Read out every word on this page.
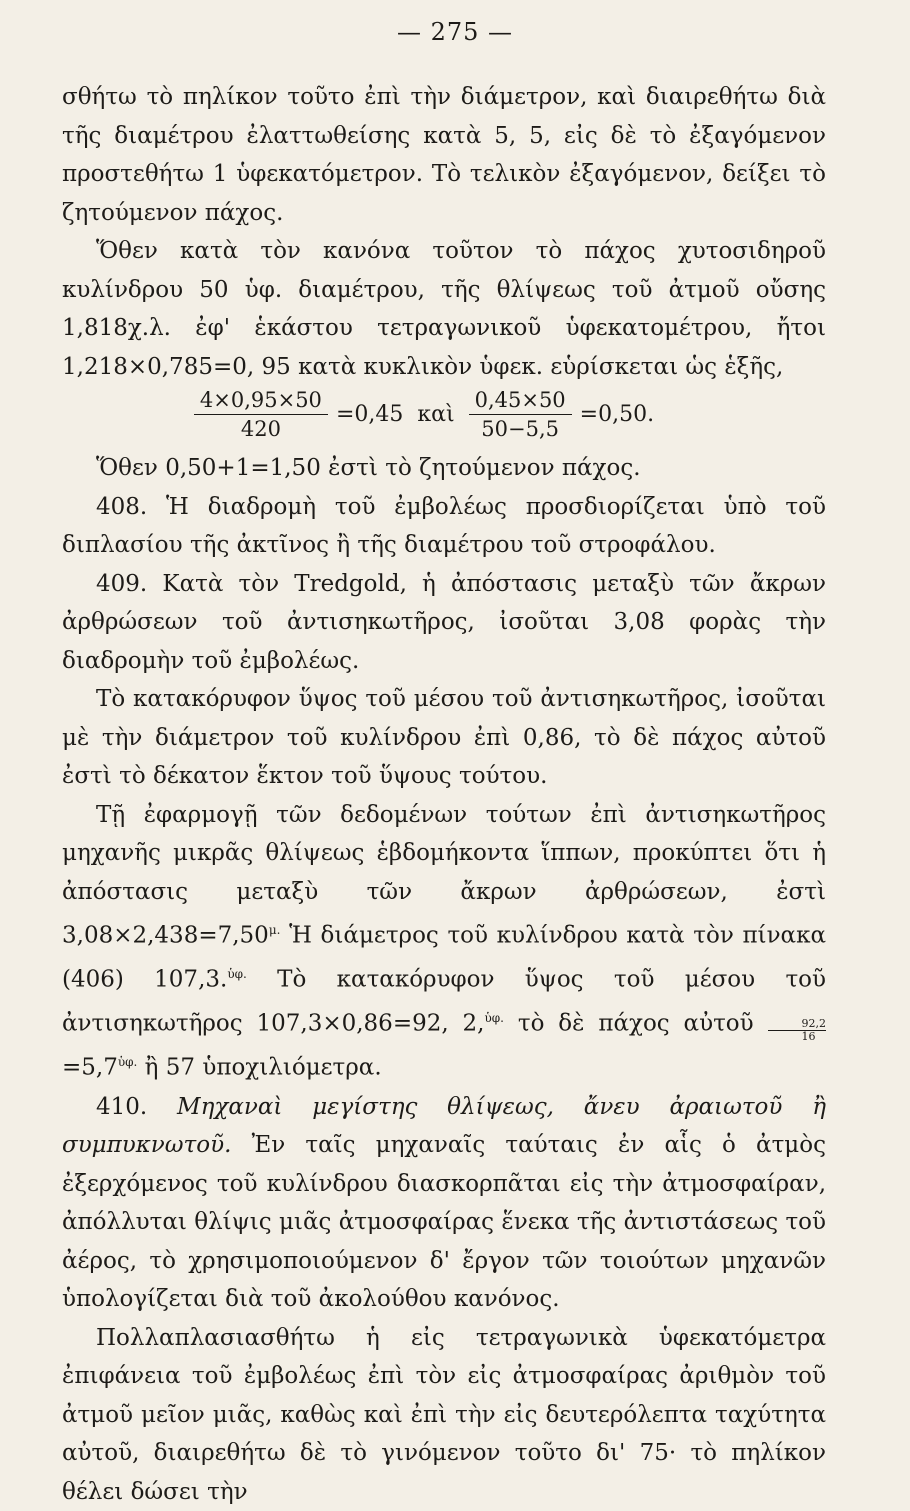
— 275 —

σθήτω τὸ πηλίκον τοῦτο ἐπὶ τὴν διάμετρον, καὶ διαιρεθήτω διὰ τῆς διαμέτρου ἐλαττωθείσης κατὰ 5, 5, εἰς δὲ τὸ ἐξαγόμενον προστεθήτω 1 ὑφεκατόμετρον. Τὸ τελικὸν ἐξαγόμενον, δείξει τὸ ζητούμενον πάχος.

Ὅθεν κατὰ τὸν κανόνα τοῦτον τὸ πάχος χυτοσιδηροῦ κυλίνδρου 50 ὑφ. διαμέτρου, τῆς θλίψεως τοῦ ἀτμοῦ οὔσης 1,818χ.λ. ἐφ' ἑκάστου τετραγωνικοῦ ὑφεκατομέτρου, ἤτοι 1,218×0,785=0, 95 κατὰ κυκλικὸν ὑφεκ. εὑρίσκεται ὡς ἑξῆς,

$\frac{4\times 0,95\times 50}{420} =0,45$ καὶ $\frac{0,45\times 50}{50-5,5} =0,50$.

Ὅθεν 0,50+1=1,50 ἐστὶ τὸ ζητούμενον πάχος.

408. Ἡ διαδρομὴ τοῦ ἐμβολέως προσδιορίζεται ὑπὸ τοῦ διπλασίου τῆς ἀκτῖνος ἢ τῆς διαμέτρου τοῦ στροφάλου.

409. Κατὰ τὸν Tredgold, ἡ ἀπόστασις μεταξὺ τῶν ἄκρων ἀρθρώσεων τοῦ ἀντισηκωτῆρος, ἰσοῦται 3,08 φορὰς τὴν διαδρομὴν τοῦ ἐμβολέως.

Τὸ κατακόρυφον ὕψος τοῦ μέσου τοῦ ἀντισηκωτῆρος, ἰσοῦται μὲ τὴν διάμετρον τοῦ κυλίνδρου ἐπὶ 0,86, τὸ δὲ πάχος αὐτοῦ ἐστὶ τὸ δέκατον ἕκτον τοῦ ὕψους τούτου.

Τῇ ἐφαρμογῇ τῶν δεδομένων τούτων ἐπὶ ἀντισηκωτῆρος μηχανῆς μικρᾶς θλίψεως ἑβδομήκοντα ἵππων, προκύπτει ὅτι ἡ ἀπόστασις μεταξὺ τῶν ἄκρων ἀρθρώσεων, ἐστὶ $3,08\times 2,438=7,50^{\mu.}$ Ἡ διάμετρος τοῦ κυλίνδρου κατὰ τὸν πίνακα (406) 107,3.$^{ὑ\varphi.}$ Τὸ κατακόρυφον ὕψος τοῦ μέσου τοῦ ἀντισηκωτῆρος 107,3×0,86=92, 2,$^{ὑ\varphi.}$ τὸ δὲ πάχος αὐτοῦ $\frac{92,2}{16}$
$=5,7^{ὑ\varphi.}$ ἢ 57 ὑποχιλιόμετρα.

410. Μηχαναὶ μεγίστης θλίψεως, ἄνευ ἀραιωτοῦ ἢ συμπυκνωτοῦ. Ἐν ταῖς μηχαναῖς ταύταις ἐν αἷς ὁ ἀτμὸς ἐξερχόμενος τοῦ κυλίνδρου διασκορπᾶται εἰς τὴν ἀτμοσφαίραν, ἀπόλλυται θλίψις μιᾶς ἀτμοσφαίρας ἕνεκα τῆς ἀντιστάσεως τοῦ ἀέρος, τὸ χρησιμοποιούμενον δ' ἔργον τῶν τοιούτων μηχανῶν ὑπολογίζεται διὰ τοῦ ἀκολούθου κανόνος.

Πολλαπλασιασθήτω ἡ εἰς τετραγωνικὰ ὑφεκατόμετρα ἐπιφάνεια τοῦ ἐμβολέως ἐπὶ τὸν εἰς ἀτμοσφαίρας ἀριθμὸν τοῦ ἀτμοῦ μεῖον μιᾶς, καθὼς καὶ ἐπὶ τὴν εἰς δευτερόλεπτα ταχύτητα αὐτοῦ, διαιρεθήτω δὲ τὸ γινόμενον τοῦτο δι' 75· τὸ πηλίκον θέλει δώσει τὴν
